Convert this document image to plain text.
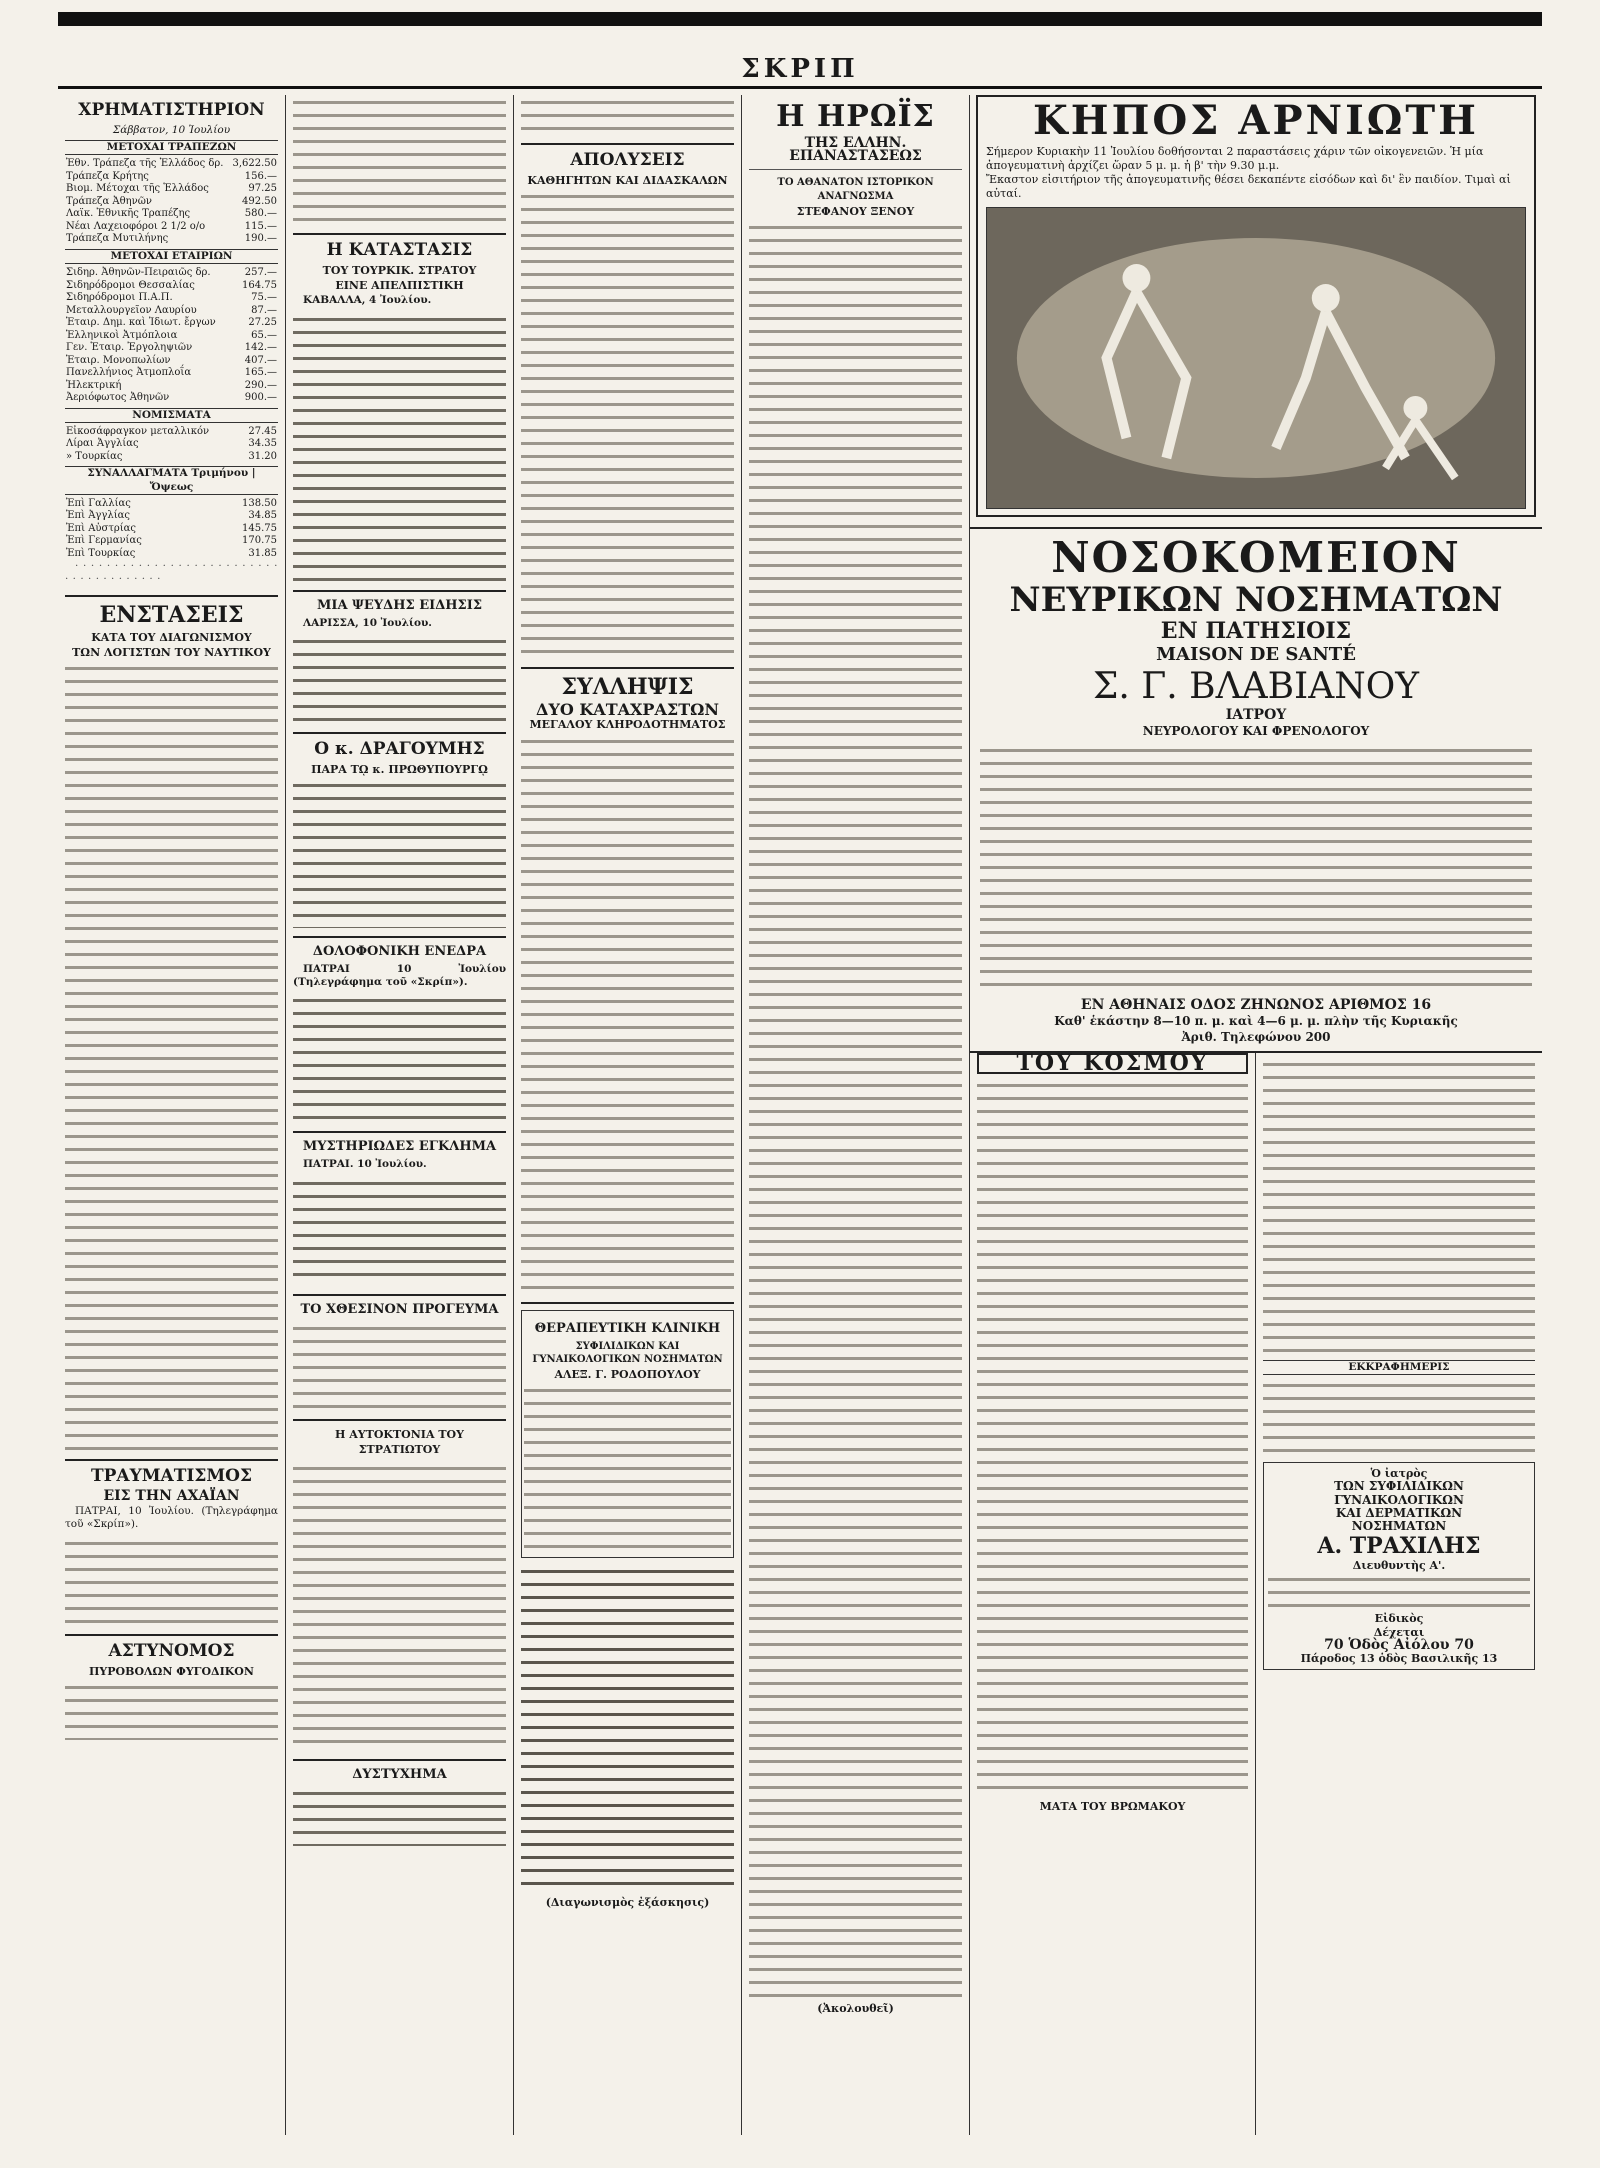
ΣΚΡΙΠ
ΧΡΗΜΑΤΙΣΤΗΡΙΟΝ
Σάββατον, 10 Ἰουλίου
ΜΕΤΟΧΑΙ ΤΡΑΠΕΖΩΝ
Ἐθν. Τράπεζα τῆς Ἑλλάδος δρ.	3,622.50
Τράπεζα Κρήτης	156.—
Βιομ. Μέτοχαι τῆς Ἑλλάδος	97.25
Τράπεζα Ἀθηνῶν	492.50
Λαϊκ. Ἐθνικῆς Τραπέζης	580.—
Νέαι Λαχειοφόροι 2 1/2 ο/ο	115.—
Τράπεζα Μυτιλήνης	190.—
ΜΕΤΟΧΑΙ ΕΤΑΙΡΙΩΝ
Σιδηρ. Ἀθηνῶν-Πειραιῶς δρ.	257.—
Σιδηρόδρομοι Θεσσαλίας	164.75
Σιδηρόδρομοι Π.Α.Π.	75.—
Μεταλλουργεῖον Λαυρίου	87.—
Ἑταιρ. Δημ. καὶ Ἰδιωτ. ἔργων	27.25
Ἑλληνικοὶ Ἀτμόπλοια	65.—
Γεν. Ἑταιρ. Ἐργοληψιῶν	142.—
Ἑταιρ. Μονοπωλίων	407.—
Πανελλήνιος Ἀτμοπλοΐα	165.—
Ἠλεκτρική	290.—
Ἀεριόφωτος Ἀθηνῶν	900.—
ΝΟΜΙΣΜΑΤΑ
Εἰκοσάφραγκον μεταλλικόν	27.45
Λίραι Ἀγγλίας	34.35
» Τουρκίας	31.20
ΣΥΝΑΛΛΑΓΜΑΤΑ Τριμήνου | Ὄψεως
Ἐπὶ Γαλλίας	138.50
Ἐπὶ Ἀγγλίας	34.85
Ἐπὶ Αὐστρίας	145.75
Ἐπὶ Γερμανίας	170.75
Ἐπὶ Τουρκίας	31.85

· · · · · · · · · · · · · · · · · · · · · · · · · · · · · · · · · · · · · · ·

ΕΝΣΤΑΣΕΙΣ
ΚΑΤΑ ΤΟΥ ΔΙΑΓΩΝΙΣΜΟΥ
ΤΩΝ ΛΟΓΙΣΤΩΝ ΤΟΥ ΝΑΥΤΙΚΟΥ
ΤΡΑΥΜΑΤΙΣΜΟΣ
ΕΙΣ ΤΗΝ ΑΧΑΪΑΝ

ΠΑΤΡΑΙ, 10 Ἰουλίου. (Τηλεγράφημα τοῦ «Σκρίπ»).

ΑΣΤΥΝΟΜΟΣ
ΠΥΡΟΒΟΛΩΝ ΦΥΓΟΔΙΚΟΝ
Η ΚΑΤΑΣΤΑΣΙΣ
ΤΟΥ ΤΟΥΡΚΙΚ. ΣΤΡΑΤΟΥ
ΕΙΝΕ ΑΠΕΛΠΙΣΤΙΚΗ

ΚΑΒΑΛΛΑ, 4 Ἰουλίου.

ΜΙΑ ΨΕΥΔΗΣ ΕΙΔΗΣΙΣ

ΛΑΡΙΣΣΑ, 10 Ἰουλίου.

Ο κ. ΔΡΑΓΟΥΜΗΣ
ΠΑΡΑ Τῼ κ. ΠΡΩΘΥΠΟΥΡΓῼ
ΔΟΛΟΦΟΝΙΚΗ ΕΝΕΔΡΑ

ΠΑΤΡΑΙ 10 Ἰουλίου (Τηλεγράφημα τοῦ «Σκρίπ»).

ΜΥΣΤΗΡΙΩΔΕΣ ΕΓΚΛΗΜΑ

ΠΑΤΡΑΙ. 10 Ἰουλίου.

ΤΟ ΧΘΕΣΙΝΟΝ ΠΡΟΓΕΥΜΑ
Η ΑΥΤΟΚΤΟΝΙΑ ΤΟΥ ΣΤΡΑΤΙΩΤΟΥ
ΔΥΣΤΥΧΗΜΑ
ΑΠΟΛΥΣΕΙΣ
ΚΑΘΗΓΗΤΩΝ ΚΑΙ ΔΙΔΑΣΚΑΛΩΝ
ΣΥΛΛΗΨΙΣ
ΔΥΟ ΚΑΤΑΧΡΑΣΤΩΝ
ΜΕΓΑΛΟΥ ΚΛΗΡΟΔΟΤΗΜΑΤΟΣ
ΘΕΡΑΠΕΥΤΙΚΗ ΚΛΙΝΙΚΗ
ΣΥΦΙΛΙΔΙΚΩΝ ΚΑΙ ΓΥΝΑΙΚΟΛΟΓΙΚΩΝ ΝΟΣΗΜΑΤΩΝ
ΑΛΕΞ. Γ. ΡΟΔΟΠΟΥΛΟΥ
(Διαγωνισμὸς ἐξάσκησις)
Η ΗΡΩΪΣ
ΤΗΣ ΕΛΛΗΝ. ΕΠΑΝΑΣΤΑΣΕΩΣ
ΤΟ ΑΘΑΝΑΤΟΝ ΙΣΤΟΡΙΚΟΝ ΑΝΑΓΝΩΣΜΑ
ΣΤΕΦΑΝΟΥ ΞΕΝΟΥ
(Ἀκολουθεῖ)
ΚΗΠΟΣ ΑΡΝΙΩΤΗ
Σήμερον Κυριακὴν 11 Ἰουλίου δοθήσονται 2 παραστάσεις χάριν τῶν οἰκογενειῶν. Ἡ μία ἀπογευματινὴ ἀρχίζει ὥραν 5 μ. μ. ἡ β' τὴν 9.30 μ.μ.
Ἔκαστον εἰσιτήριον τῆς ἀπογευματινῆς θέσει δεκαπέντε εἰσόδων καὶ δι' ἓν παιδίον. Τιμαὶ αἱ αὐταί.
ΝΟΣΟΚΟΜΕΙΟΝ
ΝΕΥΡΙΚΩΝ ΝΟΣΗΜΑΤΩΝ
ΕΝ ΠΑΤΗΣΙΟΙΣ
MAISON DE SANTÉ
Σ. Γ. ΒΛΑΒΙΑΝΟΥ
ΙΑΤΡΟΥ
ΝΕΥΡΟΛΟΓΟΥ ΚΑΙ ΦΡΕΝΟΛΟΓΟΥ
ΕΝ ΑΘΗΝΑΙΣ ΟΔΟΣ ΖΗΝΩΝΟΣ ΑΡΙΘΜΟΣ 16
Καθ' ἑκάστην 8—10 π. μ. καὶ 4—6 μ. μ. πλὴν τῆς Κυριακῆς
Ἀριθ. Τηλεφώνου 200
ΤΟΥ ΚΟΣΜΟΥ
ΜΑΤΑ ΤΟΥ ΒΡΩΜΑΚΟΥ
ΕΚΚΡΑΦΗΜΕΡΙΣ
Ὁ ἰατρὸς
ΤΩΝ ΣΥΦΙΛΙΔΙΚΩΝ
ΓΥΝΑΙΚΟΛΟΓΙΚΩΝ
ΚΑΙ ΔΕΡΜΑΤΙΚΩΝ
ΝΟΣΗΜΑΤΩΝ
Α. ΤΡΑΧΙΛΗΣ
Διευθυντὴς Α'.
Εἰδικὸς
Δέχεται
70 Ὁδὸς Αἰόλου 70
Πάροδος 13 ὁδὸς Βασιλικῆς 13
